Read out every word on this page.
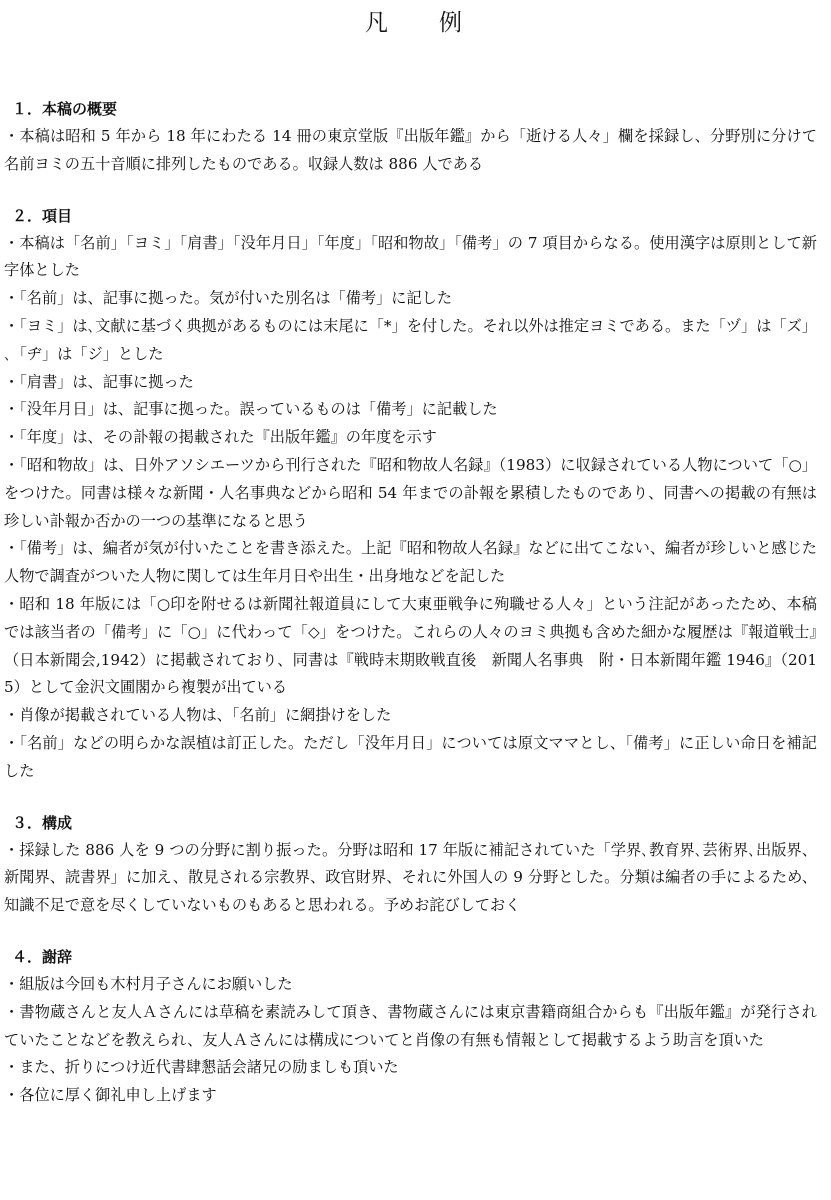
凡　例
１．本稿の概要

・本稿は昭和 5 年から 18 年にわたる 14 冊の東京堂版『出版年鑑』から「逝ける人々」欄を採録し、分野別に分けて名前ヨミの五十音順に排列したものである。収録人数は 886 人である

２．項目

・本稿は「名前」「ヨミ」「肩書」「没年月日」「年度」「昭和物故」「備考」の 7 項目からなる。使用漢字は原則として新字体とした

・「名前」は、記事に拠った。気が付いた別名は「備考」に記した

・「ヨミ」は､文献に基づく典拠があるものには末尾に「*」を付した。それ以外は推定ヨミである。また「ヅ」は「ズ」､「ヂ」は「ジ」とした

・「肩書」は、記事に拠った

・「没年月日」は、記事に拠った。誤っているものは「備考」に記載した

・「年度」は、その訃報の掲載された『出版年鑑』の年度を示す

・「昭和物故」は、日外アソシエーツから刊行された『昭和物故人名録』（1983）に収録されている人物について「○」をつけた。同書は様々な新聞・人名事典などから昭和 54 年までの訃報を累積したものであり、同書への掲載の有無は珍しい訃報か否かの一つの基準になると思う

・「備考」は、編者が気が付いたことを書き添えた。上記『昭和物故人名録』などに出てこない、編者が珍しいと感じた人物で調査がついた人物に関しては生年月日や出生・出身地などを記した

・昭和 18 年版には「○印を附せるは新聞社報道員にして大東亜戦争に殉職せる人々」という注記があったため、本稿では該当者の「備考」に「○」に代わって「◇」をつけた。これらの人々のヨミ典拠も含めた細かな履歴は『報道戦士』（日本新聞会,1942）に掲載されており、同書は『戦時末期敗戦直後　新聞人名事典　附・日本新聞年鑑 1946』（2015）として金沢文圃閣から複製が出ている

・肖像が掲載されている人物は、「名前」に網掛けをした

・「名前」などの明らかな誤植は訂正した。ただし「没年月日」については原文ママとし、「備考」に正しい命日を補記した

３．構成

・採録した 886 人を 9 つの分野に割り振った。分野は昭和 17 年版に補記されていた「学界､教育界､芸術界､出版界、新聞界、読書界」に加え、散見される宗教界、政官財界、それに外国人の 9 分野とした。分類は編者の手によるため、知識不足で意を尽くしていないものもあると思われる。予めお詫びしておく

４．謝辞

・組版は今回も木村月子さんにお願いした

・書物蔵さんと友人Ａさんには草稿を素読みして頂き、書物蔵さんには東京書籍商組合からも『出版年鑑』が発行されていたことなどを教えられ、友人Ａさんには構成についてと肖像の有無も情報として掲載するよう助言を頂いた

・また、折りにつけ近代書肆懇話会諸兄の励ましも頂いた

・各位に厚く御礼申し上げます
